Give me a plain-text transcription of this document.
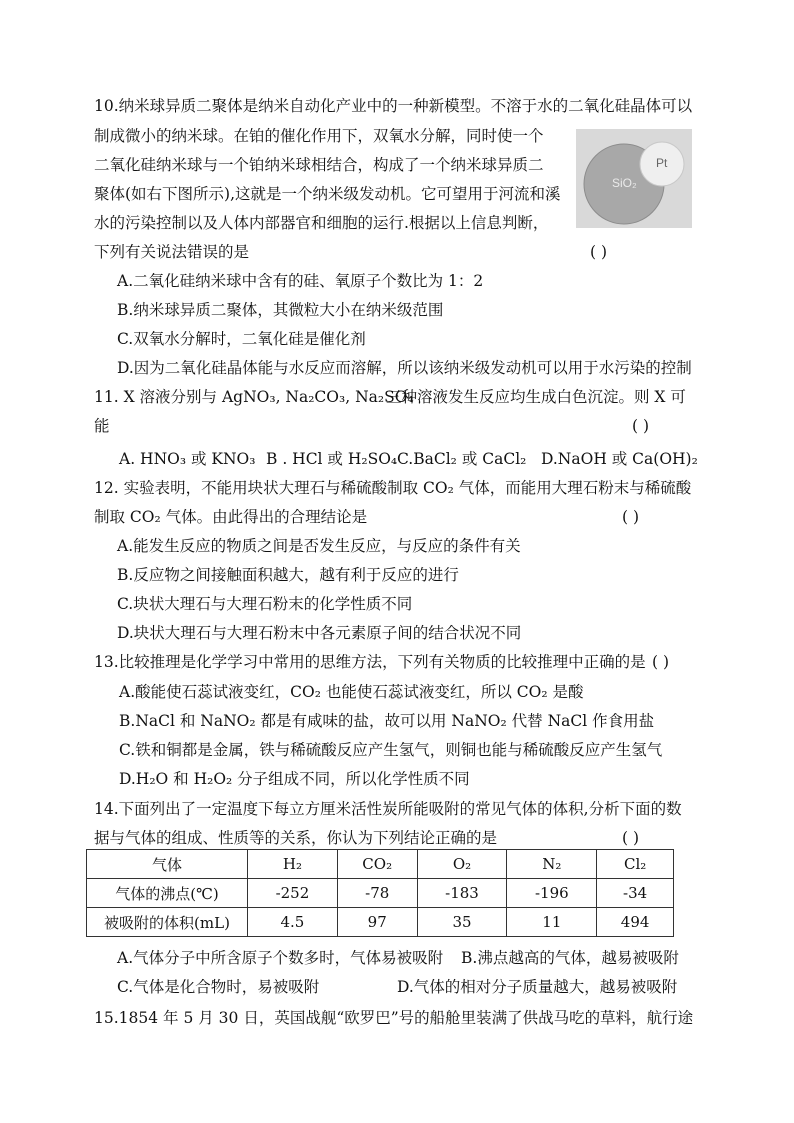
10.纳米球异质二聚体是纳米自动化产业中的一种新模型。不溶于水的二氧化硅晶体可以
制成微小的纳米球。在铂的催化作用下，双氧水分解，同时使一个
二氧化硅纳米球与一个铂纳米球相结合，构成了一个纳米球异质二
聚体(如右下图所示),这就是一个纳米级发动机。它可望用于河流和溪
水的污染控制以及人体内部器官和细胞的运行.根据以上信息判断，
下列有关说法错误的是	( )
Pt
SiO₂
A.二氧化硅纳米球中含有的硅、氧原子个数比为 1：2
B.纳米球异质二聚体，其微粒大小在纳米级范围
C.双氧水分解时，二氧化硅是催化剂
D.因为二氧化硅晶体能与水反应而溶解，所以该纳米级发动机可以用于水污染的控制
11. X 溶液分别与 AgNO₃, Na₂CO₃, Na₂SO₄
三种溶液发生反应均生成白色沉淀。则 X 可
能	( )
A. HNO₃ 或 KNO₃ B . HCl 或 H₂SO₄ C.BaCl₂ 或 CaCl₂ D.NaOH 或 Ca(OH)₂
12. 实验表明，不能用块状大理石与稀硫酸制取 CO₂ 气体，而能用大理石粉末与稀硫酸
制取 CO₂ 气体。由此得出的合理结论是	( )
A.能发生反应的物质之间是否发生反应，与反应的条件有关
B.反应物之间接触面积越大，越有利于反应的进行
C.块状大理石与大理石粉末的化学性质不同
D.块状大理石与大理石粉末中各元素原子间的结合状况不同
13.比较推理是化学学习中常用的思维方法，下列有关物质的比较推理中正确的是 ( )
A.酸能使石蕊试液变红，CO₂ 也能使石蕊试液变红，所以 CO₂ 是酸
B.NaCl 和 NaNO₂ 都是有咸味的盐，故可以用 NaNO₂ 代替 NaCl 作食用盐
C.铁和铜都是金属，铁与稀硫酸反应产生氢气，则铜也能与稀硫酸反应产生氢气
D.H₂O 和 H₂O₂ 分子组成不同，所以化学性质不同
14.下面列出了一定温度下每立方厘米活性炭所能吸附的常见气体的体积,分析下面的数
据与气体的组成、性质等的关系，你认为下列结论正确的是	( )
气体	H₂	CO₂	O₂	N₂	Cl₂
气体的沸点(℃)	-252	-78	-183	-196	-34
被吸附的体积(mL)	4.5	97	35	11	494
A.气体分子中所含原子个数多时，气体易被吸附 B.沸点越高的气体，越易被吸附
C.气体是化合物时，易被吸附	D.气体的相对分子质量越大，越易被吸附
15.1854 年 5 月 30 日，英国战舰“欧罗巴”号的船舱里装满了供战马吃的草料，航行途
